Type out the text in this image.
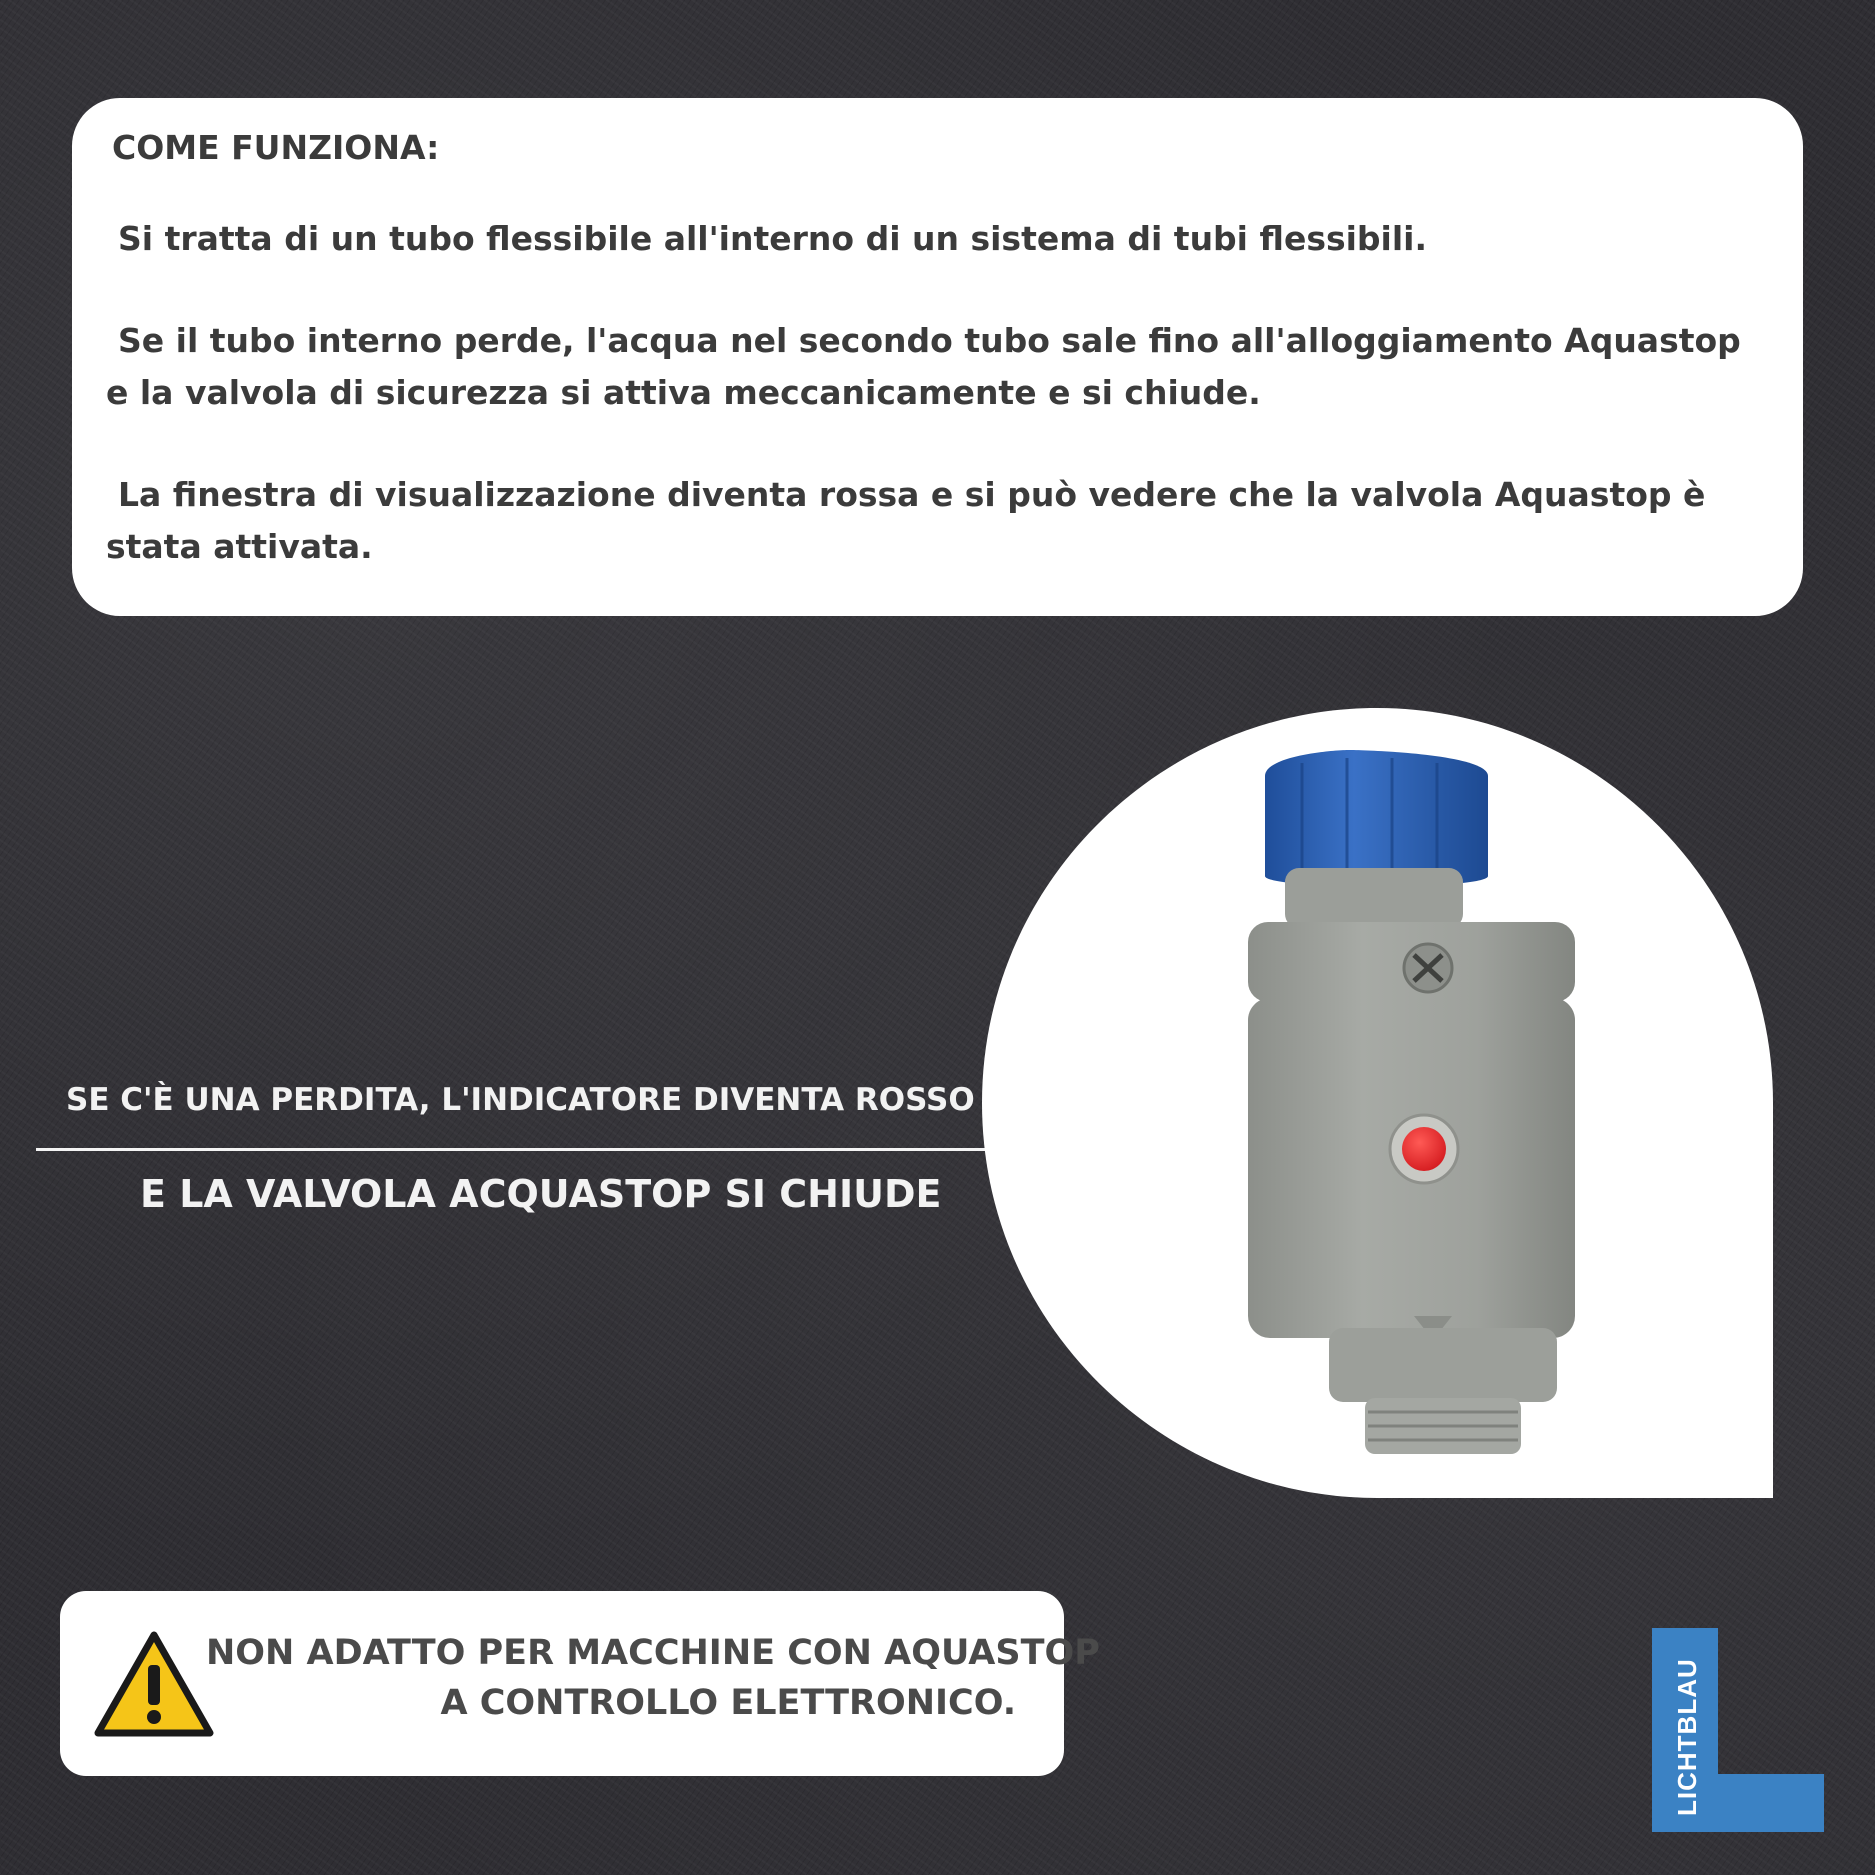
COME FUNZIONA:
Si tratta di un tubo flessibile all'interno di un sistema di tubi flessibili.
Se il tubo interno perde, l'acqua nel secondo tubo sale fino all'alloggiamento Aquastop e la valvola di sicurezza si attiva meccanicamente e si chiude.
La finestra di visualizzazione diventa rossa e si può vedere che la valvola Aquastop è stata attivata.
SE C'È UNA PERDITA, L'INDICATORE DIVENTA ROSSO
E LA VALVOLA ACQUASTOP SI CHIUDE
NON ADATTO PER MACCHINE CON AQUASTOP
A CONTROLLO ELETTRONICO.	LICHTBLAU
